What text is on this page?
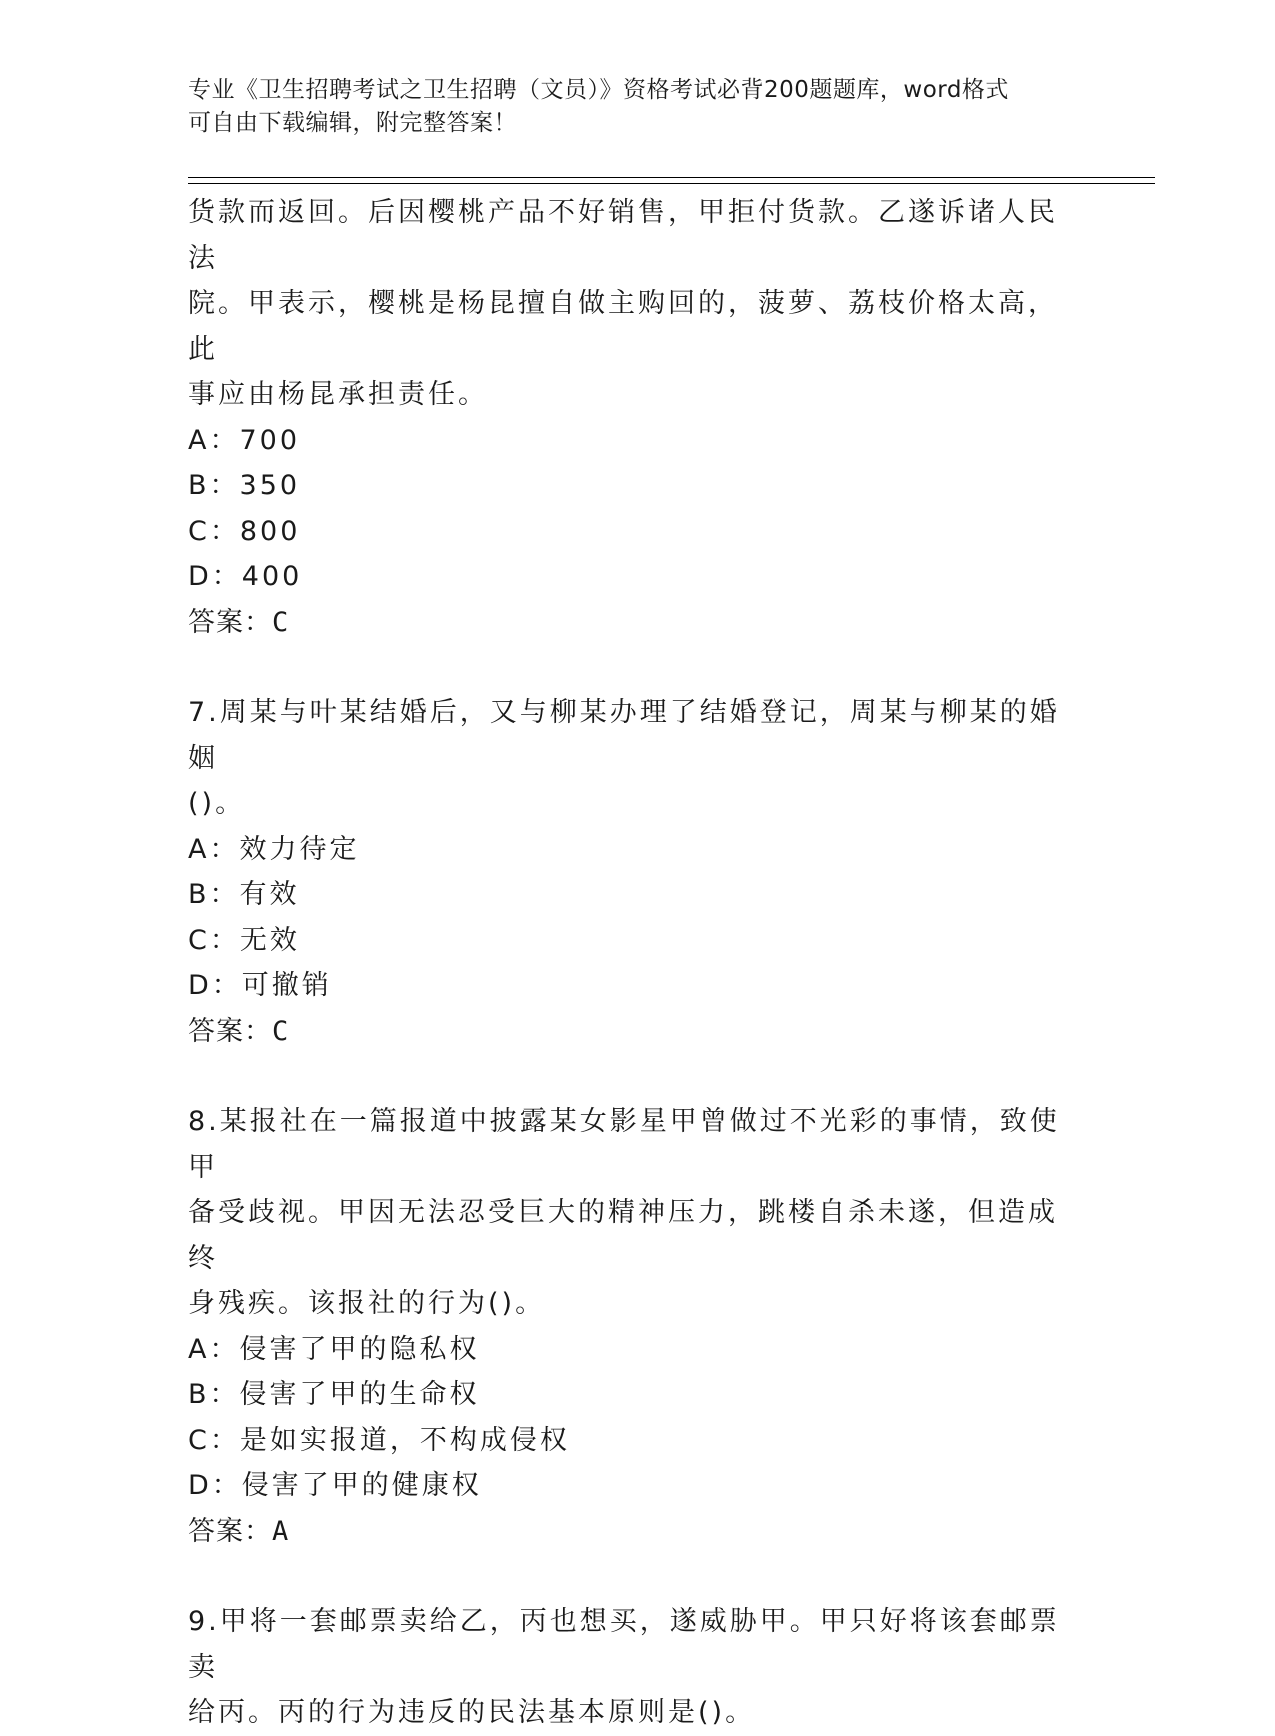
专业《卫生招聘考试之卫生招聘（文员）》资格考试必背200题题库，word格式
可自由下载编辑，附完整答案！

货款而返回。后因樱桃产品不好销售，甲拒付货款。乙遂诉诸人民法

院。甲表示，樱桃是杨昆擅自做主购回的，菠萝、荔枝价格太高，此

事应由杨昆承担责任。

A：700

B：350

C：800

D：400

答案：C

7.周某与叶某结婚后，又与柳某办理了结婚登记，周某与柳某的婚姻

()。

A：效力待定

B：有效

C：无效

D：可撤销

答案：C

8.某报社在一篇报道中披露某女影星甲曾做过不光彩的事情，致使甲

备受歧视。甲因无法忍受巨大的精神压力，跳楼自杀未遂，但造成终

身残疾。该报社的行为()。

A：侵害了甲的隐私权

B：侵害了甲的生命权

C：是如实报道，不构成侵权

D：侵害了甲的健康权

答案：A

9.甲将一套邮票卖给乙，丙也想买，遂威胁甲。甲只好将该套邮票卖

给丙。丙的行为违反的民法基本原则是()。
